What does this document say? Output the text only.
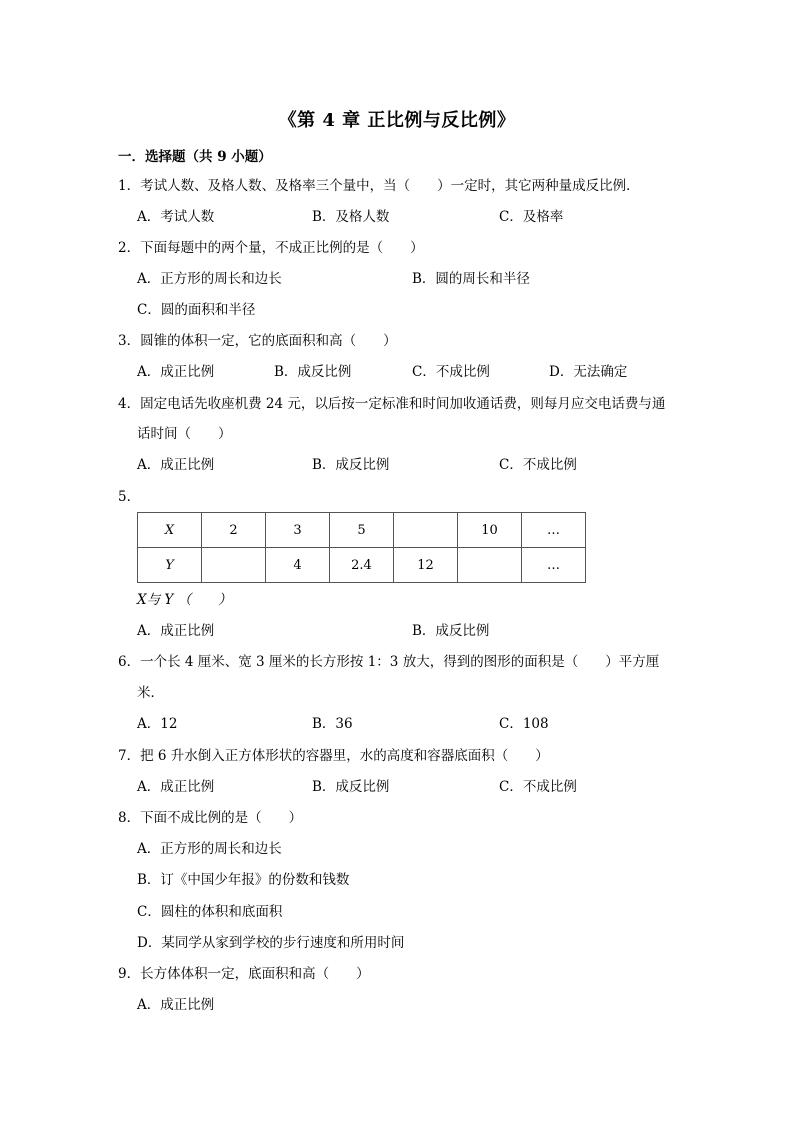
《第 4 章 正比例与反比例》
一．选择题（共 9 小题）
1．考试人数、及格人数、及格率三个量中，当（　　）一定时，其它两种量成反比例．
A．考试人数	B．及格人数	C．及格率
2．下面每题中的两个量，不成正比例的是（　　）
A．正方形的周长和边长	B．圆的周长和半径
C．圆的面积和半径
3．圆锥的体积一定，它的底面积和高（　　）
A．成正比例	B．成反比例	C．不成比例	D．无法确定
4．固定电话先收座机费 24 元，以后按一定标准和时间加收通话费，则每月应交电话费与通
话时间（　　）
A．成正比例	B．成反比例	C．不成比例
5．
X	2	3	5		10	…
Y		4	2.4	12		…
X与 Y （　　）
A．成正比例	B．成反比例
6．一个长 4 厘米、宽 3 厘米的长方形按 1：3 放大，得到的图形的面积是（　　）平方厘
米．
A．12	B．36	C．108
7．把 6 升水倒入正方体形状的容器里，水的高度和容器底面积（　　）
A．成正比例	B．成反比例	C．不成比例
8．下面不成比例的是（　　）
A．正方形的周长和边长
B．订《中国少年报》的份数和钱数
C．圆柱的体积和底面积
D．某同学从家到学校的步行速度和所用时间
9．长方体体积一定，底面积和高（　　）
A．成正比例
